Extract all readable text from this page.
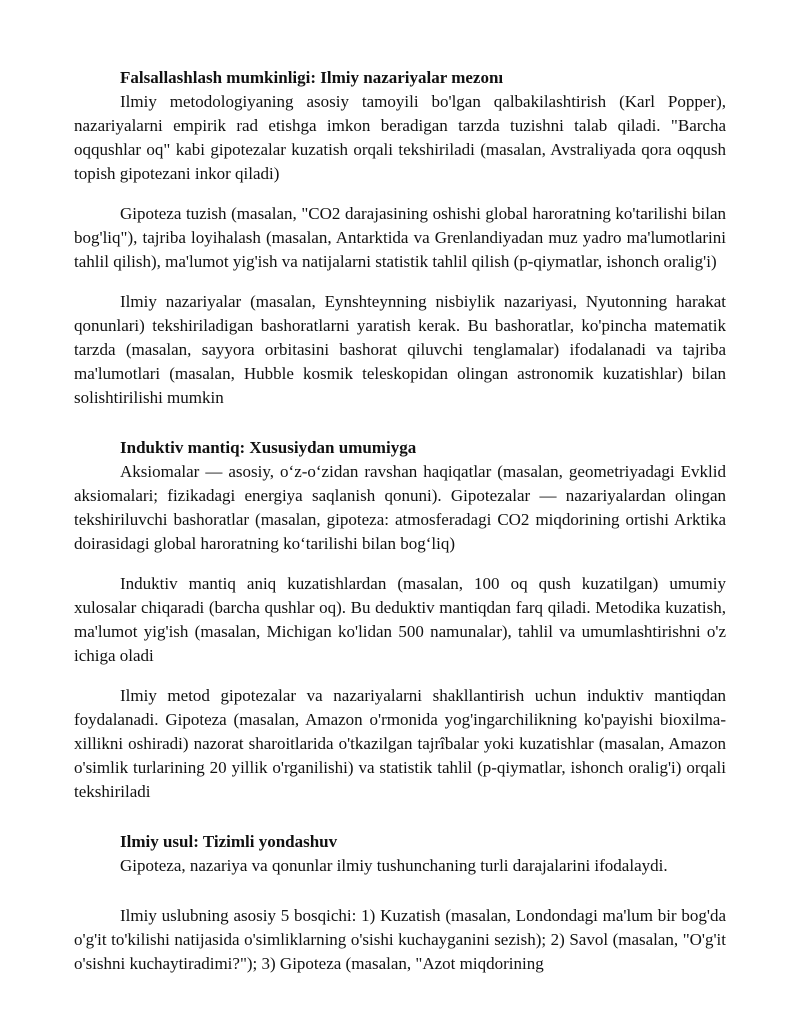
Falsallashlash mumkinligi: Ilmiy nazariyalar mezonı

Ilmiy metodologiyaning asosiy tamoyili bo'lgan qalbakilashtirish (Karl Popper), nazariyalarni empirik rad etishga imkon beradigan tarzda tuzishni talab qiladi. "Barcha oqqushlar oq" kabi gipotezalar kuzatish orqali tekshiriladi (masalan, Avstraliyada qora oqqush topish gipotezani inkor qiladi)

Gipoteza tuzish (masalan, "CO2 darajasining oshishi global haroratning ko'tarilishi bilan bog'liq"), tajriba loyihalash (masalan, Antarktida va Grenlandiyadan muz yadro ma'lumotlarini tahlil qilish), ma'lumot yig'ish va natijalarni statistik tahlil qilish (p-qiymatlar, ishonch oralig'i)

Ilmiy nazariyalar (masalan, Eynshteynning nisbiylik nazariyasi, Nyutonning harakat qonunlari) tekshiriladigan bashoratlarni yaratish kerak. Bu bashoratlar, ko'pincha matematik tarzda (masalan, sayyora orbitasini bashorat qiluvchi tenglamalar) ifodalanadi va tajriba ma'lumotlari (masalan, Hubble kosmik teleskopidan olingan astronomik kuzatishlar) bilan solishtirilishi mumkin

Induktiv mantiq: Xususiydan umumiyga

Aksiomalar — asosiy, o‘z-o‘zidan ravshan haqiqatlar (masalan, geometriyadagi Evklid aksiomalari; fizikadagi energiya saqlanish qonuni). Gipotezalar — nazariyalardan olingan tekshiriluvchi bashoratlar (masalan, gipoteza: atmosferadagi CO2 miqdorining ortishi Arktika doirasidagi global haroratning ko‘tarilishi bilan bog‘liq)

Induktiv mantiq aniq kuzatishlardan (masalan, 100 oq qush kuzatilgan) umumiy xulosalar chiqaradi (barcha qushlar oq). Bu deduktiv mantiqdan farq qiladi. Metodika kuzatish, ma'lumot yig'ish (masalan, Michigan ko'lidan 500 namunalar), tahlil va umumlashtirishni o'z ichiga oladi

Ilmiy metod gipotezalar va nazariyalarni shakllantirish uchun induktiv mantiqdan foydalanadi. Gipoteza (masalan, Amazon o'rmonida yog'ingarchilikning ko'payishi bioxilma-xillikni oshiradi) nazorat sharoitlarida o'tkazilgan tajrîbalar yoki kuzatishlar (masalan, Amazon o'simlik turlarining 20 yillik o'rganilishi) va statistik tahlil (p-qiymatlar, ishonch oralig'i) orqali tekshiriladi

Ilmiy usul: Tizimli yondashuv

Gipoteza, nazariya va qonunlar ilmiy tushunchaning turli darajalarini ifodalaydi.

Ilmiy uslubning asosiy 5 bosqichi: 1) Kuzatish (masalan, Londondagi ma'lum bir bog'da o'g'it to'kilishi natijasida o'simliklarning o'sishi kuchayganini sezish); 2) Savol (masalan, "O'g'it o'sishni kuchaytiradimi?"); 3) Gipoteza (masalan, "Azot miqdorining
